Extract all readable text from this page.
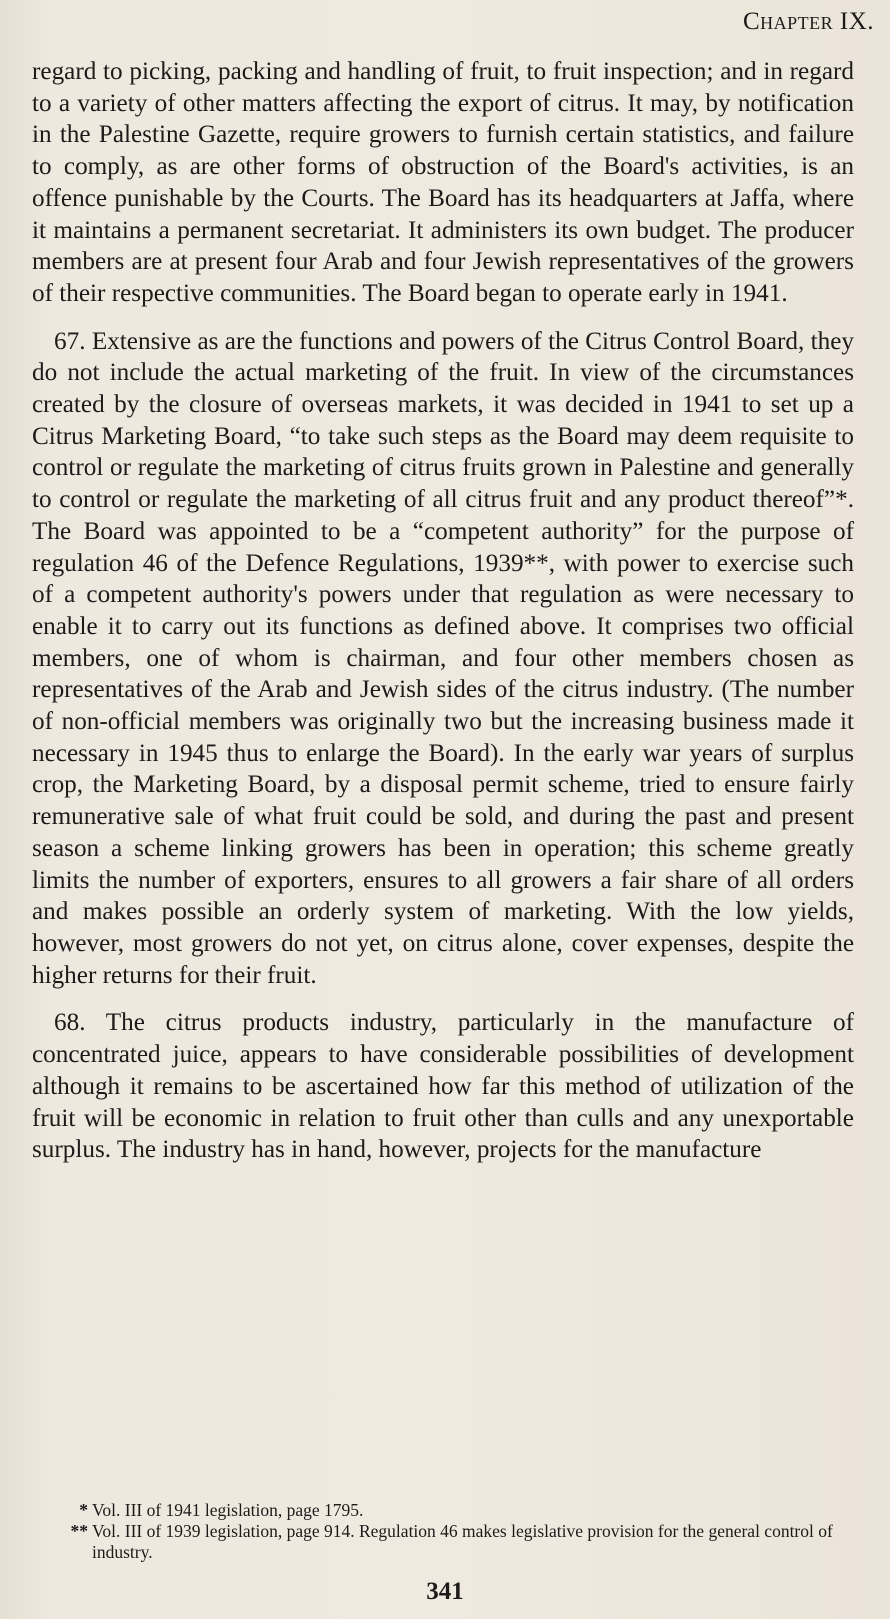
Chapter IX.

regard to picking, packing and handling of fruit, to fruit inspection; and in regard to a variety of other matters affecting the export of citrus. It may, by notification in the Palestine Gazette, require growers to furnish certain statistics, and failure to comply, as are other forms of obstruction of the Board's activities, is an offence punishable by the Courts. The Board has its headquarters at Jaffa, where it maintains a permanent secretariat. It administers its own budget. The producer members are at present four Arab and four Jewish representatives of the growers of their respective communities. The Board began to operate early in 1941.

67. Extensive as are the functions and powers of the Citrus Control Board, they do not include the actual marketing of the fruit. In view of the circumstances created by the closure of overseas markets, it was decided in 1941 to set up a Citrus Marketing Board, “to take such steps as the Board may deem requisite to control or regulate the marketing of citrus fruits grown in Palestine and generally to control or regulate the marketing of all citrus fruit and any product thereof”*. The Board was appointed to be a “competent authority” for the purpose of regulation 46 of the Defence Regulations, 1939**, with power to exercise such of a competent authority's powers under that regulation as were necessary to enable it to carry out its functions as defined above. It comprises two official members, one of whom is chairman, and four other members chosen as representatives of the Arab and Jewish sides of the citrus industry. (The number of non-official members was originally two but the increasing business made it necessary in 1945 thus to enlarge the Board). In the early war years of surplus crop, the Marketing Board, by a disposal permit scheme, tried to ensure fairly remunerative sale of what fruit could be sold, and during the past and present season a scheme linking growers has been in operation; this scheme greatly limits the number of exporters, ensures to all growers a fair share of all orders and makes possible an orderly system of marketing. With the low yields, however, most growers do not yet, on citrus alone, cover expenses, despite the higher returns for their fruit.

68. The citrus products industry, particularly in the manufacture of concentrated juice, appears to have considerable possibilities of development although it remains to be ascertained how far this method of utilization of the fruit will be economic in relation to fruit other than culls and any unexportable surplus. The industry has in hand, however, projects for the manufacture

* Vol. III of 1941 legislation, page 1795.
** Vol. III of 1939 legislation, page 914. Regulation 46 makes legislative provision for the general control of industry.
341
